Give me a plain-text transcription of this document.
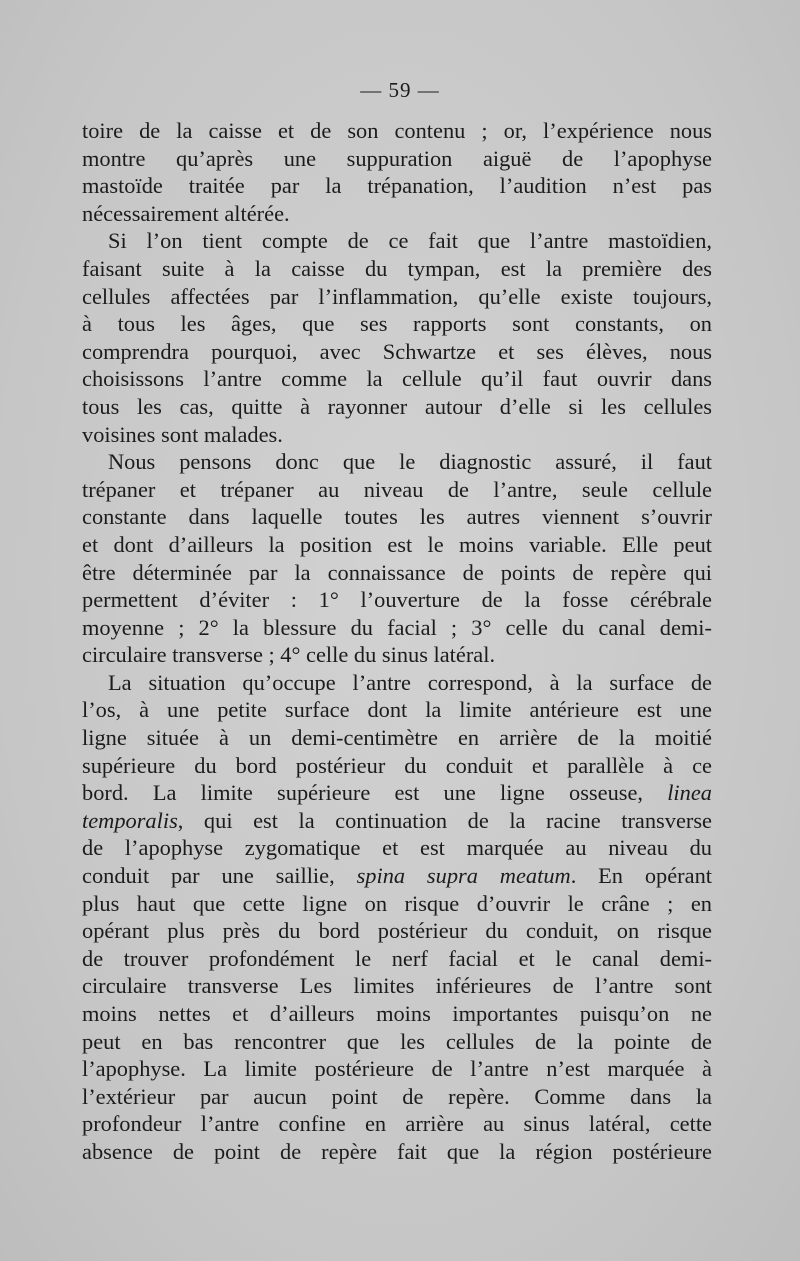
— 59 —
toire de la caisse et de son contenu ; or, l’expérience nous
montre qu’après une suppuration aiguë de l’apophyse
mastoïde traitée par la trépanation, l’audition n’est pas
nécessairement altérée.
Si l’on tient compte de ce fait que l’antre mastoïdien,
faisant suite à la caisse du tympan, est la première des
cellules affectées par l’inflammation, qu’elle existe toujours,
à tous les âges, que ses rapports sont constants, on
comprendra pourquoi, avec Schwartze et ses élèves, nous
choisissons l’antre comme la cellule qu’il faut ouvrir dans
tous les cas, quitte à rayonner autour d’elle si les cellules
voisines sont malades.
Nous pensons donc que le diagnostic assuré, il faut
trépaner et trépaner au niveau de l’antre, seule cellule
constante dans laquelle toutes les autres viennent s’ouvrir
et dont d’ailleurs la position est le moins variable. Elle peut
être déterminée par la connaissance de points de repère qui
permettent d’éviter : 1° l’ouverture de la fosse cérébrale
moyenne ; 2° la blessure du facial ; 3° celle du canal demi-
circulaire transverse ; 4° celle du sinus latéral.
La situation qu’occupe l’antre correspond, à la surface de
l’os, à une petite surface dont la limite antérieure est une
ligne située à un demi-centimètre en arrière de la moitié
supérieure du bord postérieur du conduit et parallèle à ce
bord. La limite supérieure est une ligne osseuse, linea
temporalis, qui est la continuation de la racine transverse
de l’apophyse zygomatique et est marquée au niveau du
conduit par une saillie, spina supra meatum. En opérant
plus haut que cette ligne on risque d’ouvrir le crâne ; en
opérant plus près du bord postérieur du conduit, on risque
de trouver profondément le nerf facial et le canal demi-
circulaire transverse Les limites inférieures de l’antre sont
moins nettes et d’ailleurs moins importantes puisqu’on ne
peut en bas rencontrer que les cellules de la pointe de
l’apophyse. La limite postérieure de l’antre n’est marquée à
l’extérieur par aucun point de repère. Comme dans la
profondeur l’antre confine en arrière au sinus latéral, cette
absence de point de repère fait que la région postérieure
